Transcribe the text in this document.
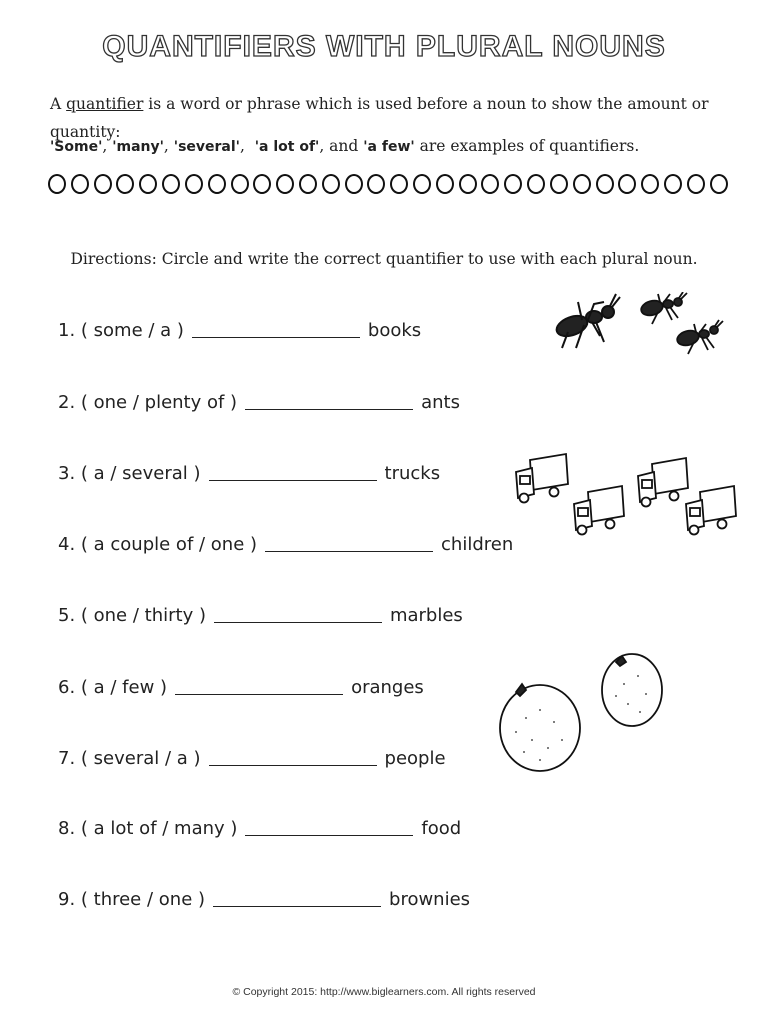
QUANTIFIERS WITH PLURAL NOUNS
A quantifier is a word or phrase which is used before a noun to show the amount or quantity:
'Some', 'many', 'several',  'a lot of', and 'a few' are examples of quantifiers.
Directions: Circle and write the correct quantifier to use with each plural noun.
1. ( some / a )	books
2. ( one / plenty of )	ants
3. ( a / several )	trucks
4. ( a couple of / one )	children
5. ( one / thirty )	marbles
6. ( a / few )	oranges
7. ( several / a )	people
8. ( a lot of / many )	food
9. ( three / one )	brownies
© Copyright 2015: http://www.biglearners.com. All rights reserved
